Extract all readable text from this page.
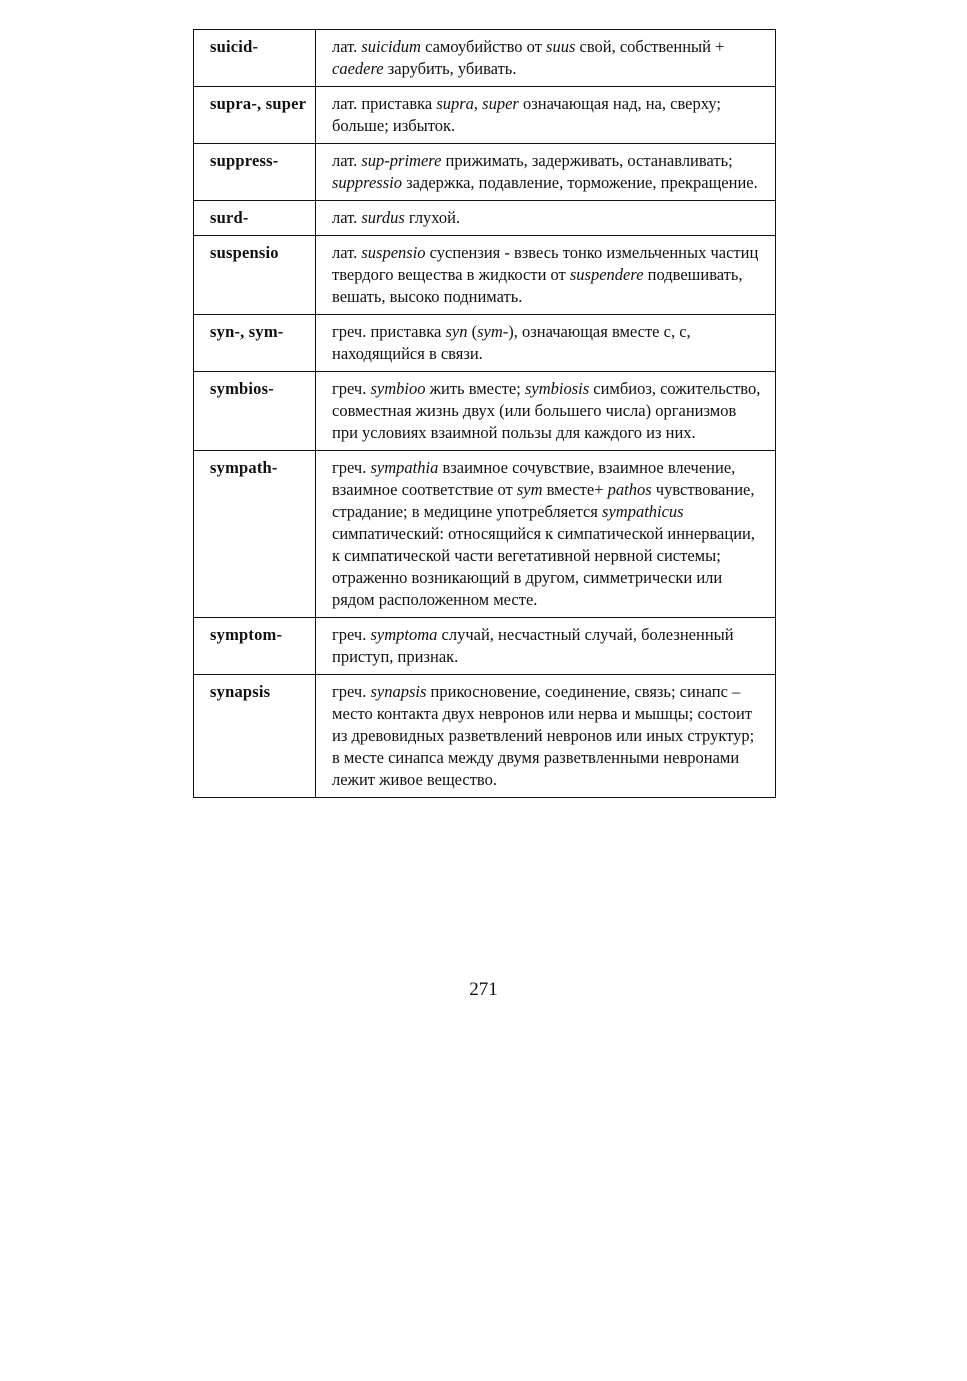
suicid-	лат. suicidum самоубийство от suus свой, собственный + caedere зарубить, убивать.
supra-, super	лат. приставка supra, super означающая над, на, сверху; больше; избыток.
suppress-	лат. sup-primere прижимать, задерживать, останавливать; suppressio задержка, подавление, торможение, прекращение.
surd-	лат. surdus глухой.
suspensio	лат. suspensio суспензия - взвесь тонко измельченных частиц твердого вещества в жидкости от suspendere подвешивать, вешать, высоко поднимать.
syn-, sym-	греч. приставка syn (sym-), означающая вместе с, с, находящийся в связи.
symbios-	греч. symbioo жить вместе; symbiosis симбиоз, сожительство, совместная жизнь двух (или большего числа) организмов при условиях взаимной пользы для каждого из них.
sympath-	греч. sympathia взаимное сочувствие, взаимное влечение, взаимное соответствие от sym вместе+ pathos чувствование, страдание; в медицине употребляется sympathicus симпатический: относящийся к симпатической иннервации, к симпатической части вегетативной нервной системы; отраженно возникающий в другом, симметрически или рядом расположенном месте.
symptom-	греч. symptoma случай, несчастный случай, болезненный приступ, признак.
synapsis	греч. synapsis прикосновение, соединение, связь; синапс – место контакта двух невронов или нерва и мышцы; состоит из древовидных разветвлений невронов или иных структур; в месте синапса между двумя разветвленными невронами лежит живое вещество.
271
